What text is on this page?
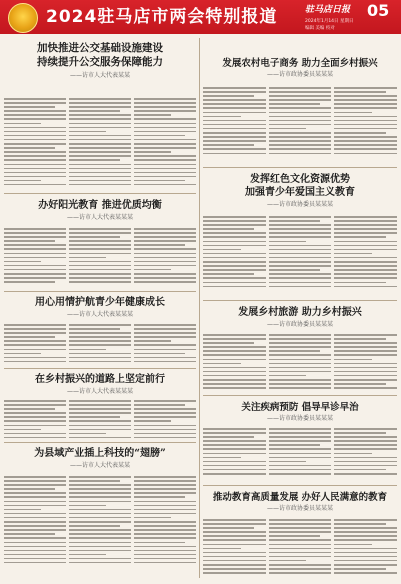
2024驻马店市两会特别报道	驻马店日报	05
2024年1月14日 星期日
编辑 美编 校对
加快推进公交基础设施建设
持续提升公交服务保障能力
——访市人大代表某某
办好阳光教育 推进优质均衡
——访市人大代表某某某
用心用情护航青少年健康成长
——访市人大代表某某某
在乡村振兴的道路上坚定前行
——访市人大代表某某某
为县域产业插上科技的“翅膀”
——访市人大代表某某
发展农村电子商务 助力全面乡村振兴
——访市政协委员某某某
发挥红色文化资源优势
加强青少年爱国主义教育
——访市政协委员某某某
发展乡村旅游 助力乡村振兴
——访市政协委员某某某
关注疾病预防 倡导早诊早治
——访市政协委员某某某
推动教育高质量发展 办好人民满意的教育
——访市政协委员某某某
